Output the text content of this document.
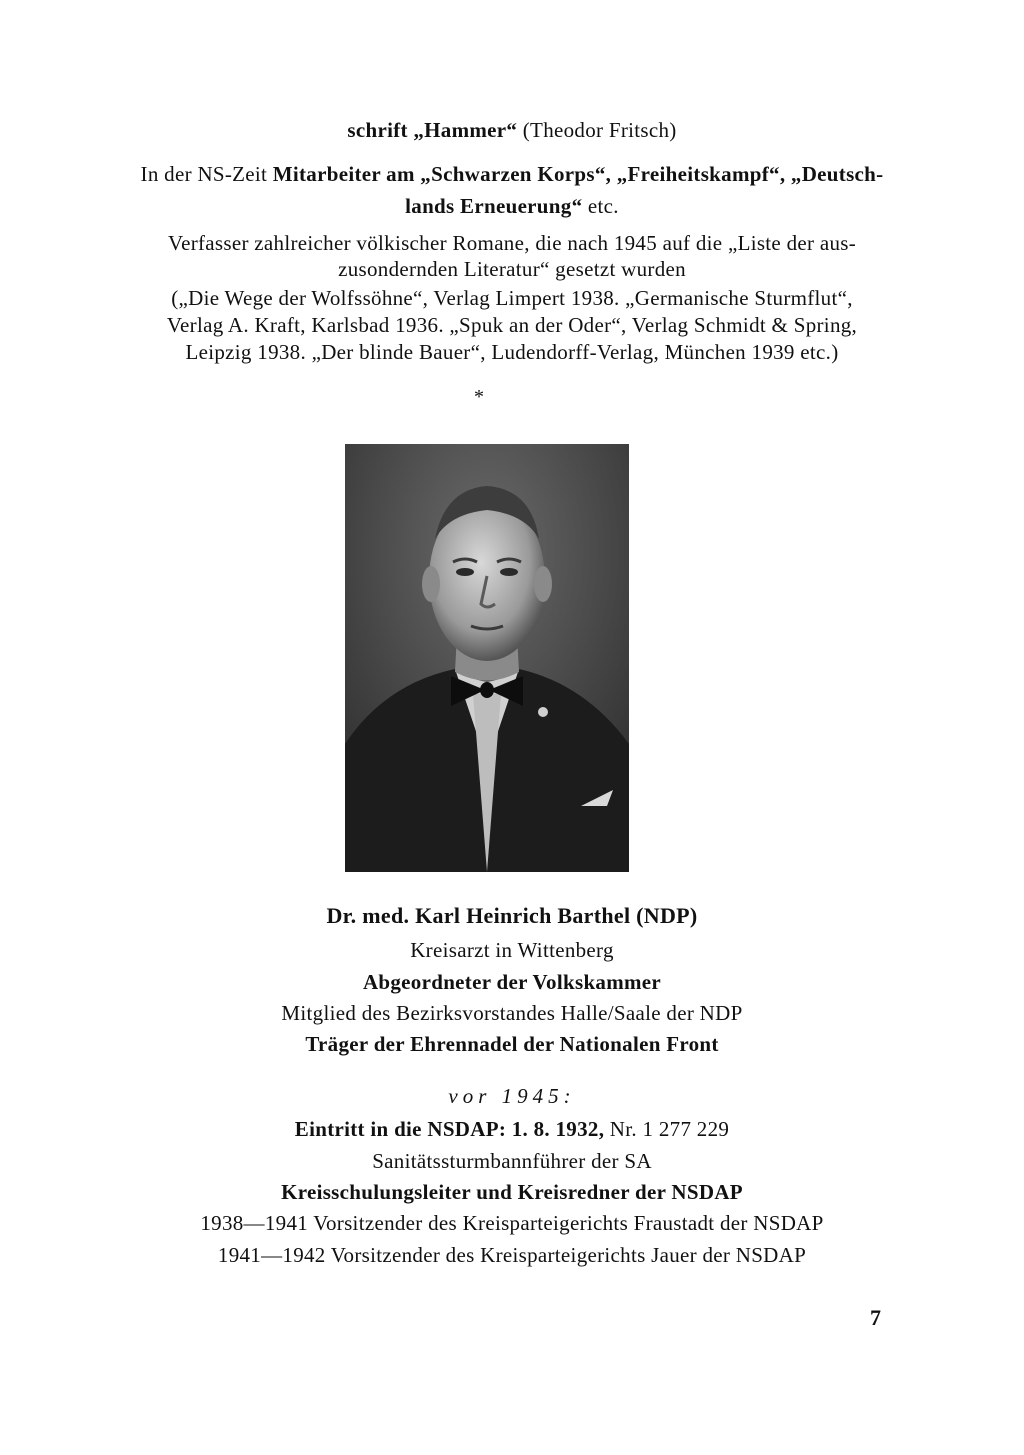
schrift „Hammer“ (Theodor Fritsch)
In der NS-Zeit Mitarbeiter am „Schwarzen Korps“, „Freiheitskampf“, „Deutsch-
lands Erneuerung“ etc.
Verfasser zahlreicher völkischer Romane, die nach 1945 auf die „Liste der aus-
zusondernden Literatur“ gesetzt wurden
(„Die Wege der Wolfssöhne“, Verlag Limpert 1938. „Germanische Sturmflut“,
Verlag A. Kraft, Karlsbad 1936. „Spuk an der Oder“, Verlag Schmidt & Spring,
Leipzig 1938. „Der blinde Bauer“, Ludendorff-Verlag, München 1939 etc.)
*
Dr. med. Karl Heinrich Barthel (NDP)
Kreisarzt in Wittenberg
Abgeordneter der Volkskammer
Mitglied des Bezirksvorstandes Halle/Saale der NDP
Träger der Ehrennadel der Nationalen Front
vor 1945:
Eintritt in die NSDAP: 1. 8. 1932, Nr. 1 277 229
Sanitätssturmbannführer der SA
Kreisschulungsleiter und Kreisredner der NSDAP
1938—1941 Vorsitzender des Kreisparteigerichts Fraustadt der NSDAP
1941—1942 Vorsitzender des Kreisparteigerichts Jauer der NSDAP
7
